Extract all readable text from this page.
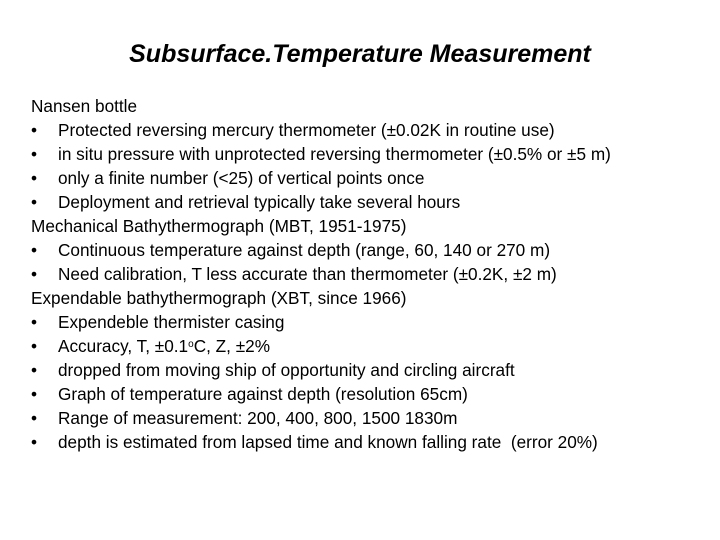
Subsurface.Temperature Measurement
Nansen bottle
• Protected reversing mercury thermometer (±0.02K in routine use)
• in situ pressure with unprotected reversing thermometer (±0.5% or ±5 m)
• only a finite number (<25) of vertical points once
• Deployment and retrieval typically take several hours
Mechanical Bathythermograph (MBT, 1951-1975)
• Continuous temperature against depth (range, 60, 140 or 270 m)
• Need calibration, T less accurate than thermometer (±0.2K, ±2 m)
Expendable bathythermograph (XBT, since 1966)
• Expendeble thermister casing
• Accuracy, T, $\pm 0.1^oC$, Z, ±2%
• dropped from moving ship of opportunity and circling aircraft
• Graph of temperature against depth (resolution 65cm)
• Range of measurement: 200, 400, 800, 1500 1830m
• depth is estimated from lapsed time and known falling rate  (error 20%)
